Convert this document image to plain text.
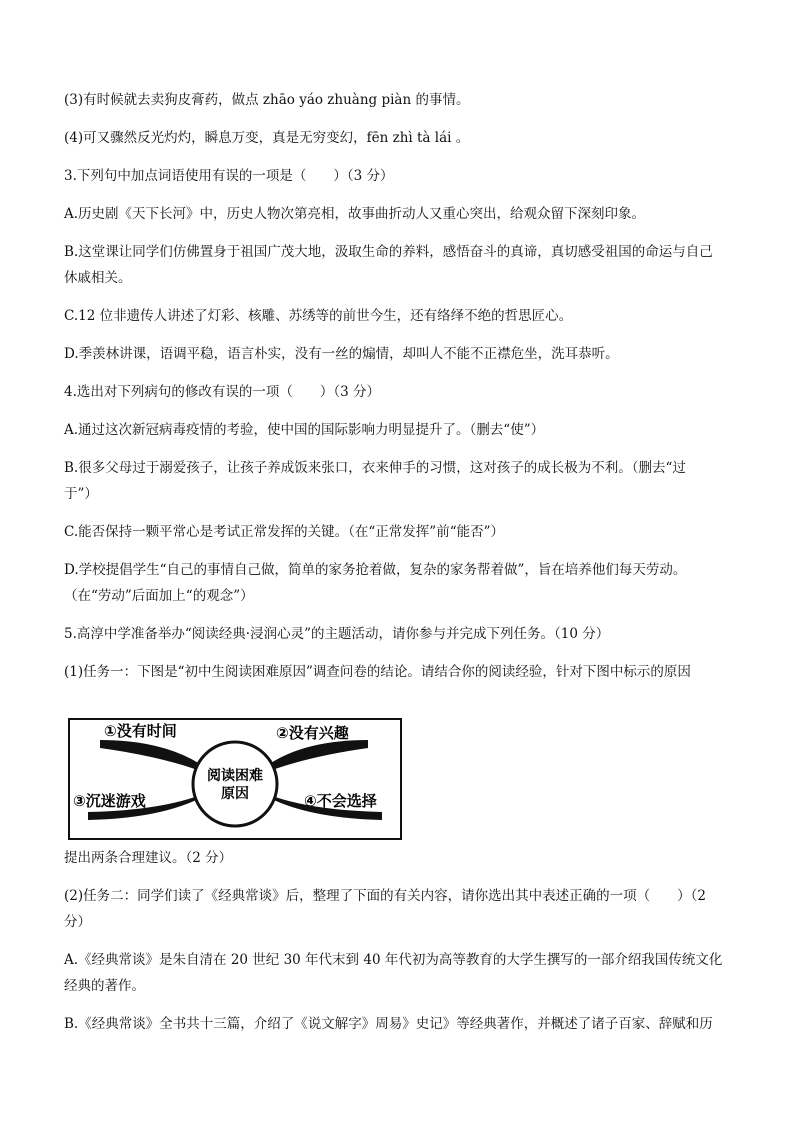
(3)有时候就去卖狗皮膏药，做点 zhāo yáo zhuàng piàn 的事情。
(4)可又骤然反光灼灼，瞬息万变，真是无穷变幻，fēn zhì tà lái 。
3.下列句中加点词语使用有误的一项是（　　）（3 分）
A.历史剧《天下长河》中，历史人物次第亮相，故事曲折动人又重心突出，给观众留下深刻印象。
B.这堂课让同学们仿佛置身于祖国广茂大地，汲取生命的养料，感悟奋斗的真谛，真切感受祖国的命运与自己
休戚相关。
C.12 位非遗传人讲述了灯彩、核雕、苏绣等的前世今生，还有络绎不绝的哲思匠心。
D.季羡林讲课，语调平稳，语言朴实，没有一丝的煽情，却叫人不能不正襟危坐，洗耳恭听。
4.选出对下列病句的修改有误的一项（　　）（3 分）
A.通过这次新冠病毒疫情的考验，使中国的国际影响力明显提升了。（删去“使”）
B.很多父母过于溺爱孩子，让孩子养成饭来张口，衣来伸手的习惯，这对孩子的成长极为不利。（删去“过
于”）
C.能否保持一颗平常心是考试正常发挥的关键。（在“正常发挥”前“能否”）
D.学校提倡学生“自己的事情自己做，简单的家务抢着做，复杂的家务帮着做”，旨在培养他们每天劳动。
（在“劳动”后面加上“的观念”）
5.高淳中学准备举办“阅读经典·浸润心灵”的主题活动，请你参与并完成下列任务。（10 分）
(1)任务一：下图是“初中生阅读困难原因”调查问卷的结论。请结合你的阅读经验，针对下图中标示的原因
阅读困难
原因
①没有时间	②没有兴趣
③沉迷游戏	④不会选择
提出两条合理建议。（2 分）
(2)任务二：同学们读了《经典常谈》后，整理了下面的有关内容，请你选出其中表述正确的一项（　　）（2
分）
A.《经典常谈》是朱自清在 20 世纪 30 年代末到 40 年代初为高等教育的大学生撰写的一部介绍我国传统文化
经典的著作。
B.《经典常谈》全书共十三篇，介绍了《说文解字》周易》史记》等经典著作，并概述了诸子百家、辞赋和历
